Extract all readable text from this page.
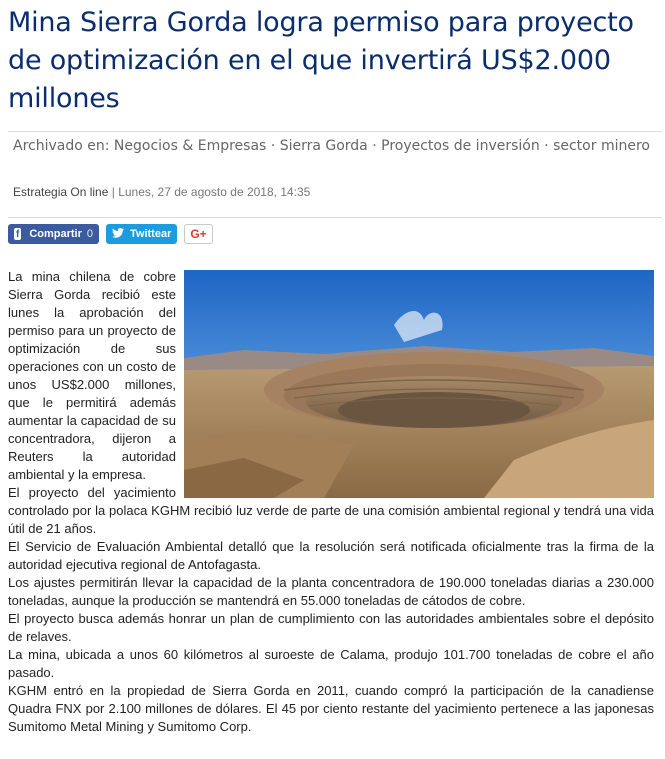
Mina Sierra Gorda logra permiso para proyecto de optimización en el que invertirá US$2.000 millones
Archivado en: Negocios & Empresas · Sierra Gorda · Proyectos de inversión · sector minero
Estrategia On line | Lunes, 27 de agosto de 2018, 14:35
f Compartir 0	Twittear	G+

La mina chilena de cobre Sierra Gorda recibió este lunes la aprobación del permiso para un proyecto de optimización de sus operaciones con un costo de unos US$2.000 millones, que le permitirá además aumentar la capacidad de su concentradora, dijeron a Reuters la autoridad ambiental y la empresa.

El proyecto del yacimiento controlado por la polaca KGHM recibió luz verde de parte de una comisión ambiental regional y tendrá una vida útil de 21 años.

El Servicio de Evaluación Ambiental detalló que la resolución será notificada oficialmente tras la firma de la autoridad ejecutiva regional de Antofagasta.

Los ajustes permitirán llevar la capacidad de la planta concentradora de 190.000 toneladas diarias a 230.000 toneladas, aunque la producción se mantendrá en 55.000 toneladas de cátodos de cobre.

El proyecto busca además honrar un plan de cumplimiento con las autoridades ambientales sobre el depósito de relaves.

La mina, ubicada a unos 60 kilómetros al suroeste de Calama, produjo 101.700 toneladas de cobre el año pasado.

KGHM entró en la propiedad de Sierra Gorda en 2011, cuando compró la participación de la canadiense Quadra FNX por 2.100 millones de dólares. El 45 por ciento restante del yacimiento pertenece a las japonesas Sumitomo Metal Mining y Sumitomo Corp.
